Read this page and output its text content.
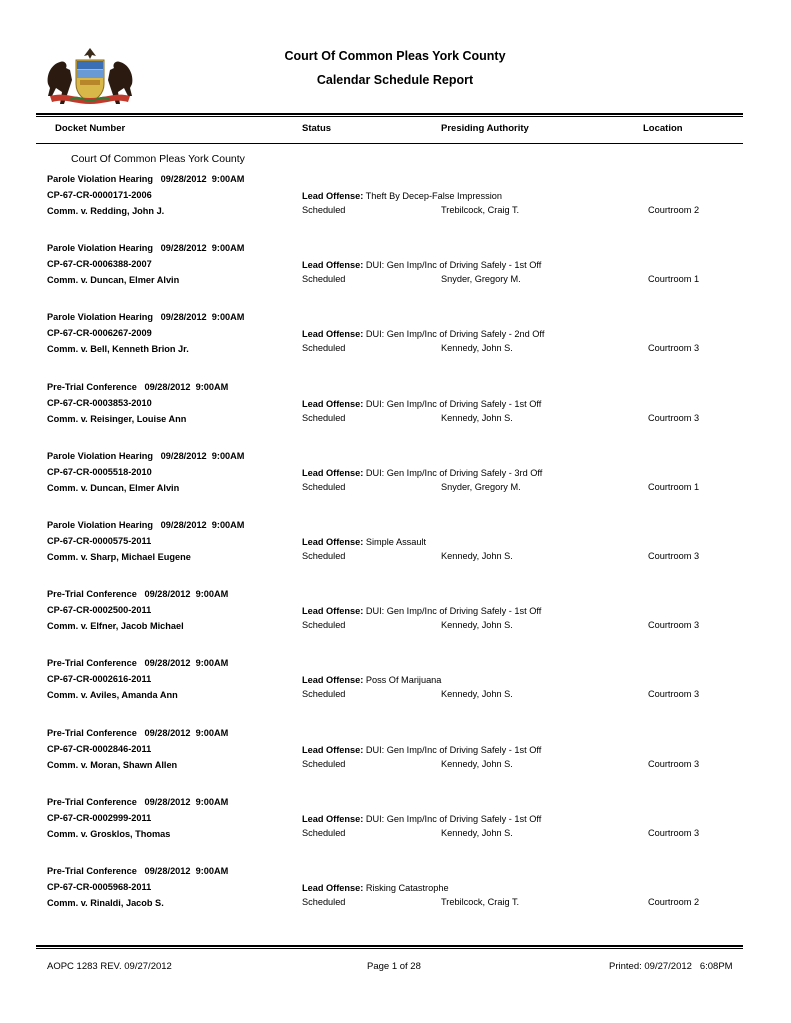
Court Of Common Pleas York County
Calendar Schedule Report
Docket Number	Status	Presiding Authority	Location
Court Of Common Pleas York County
Parole Violation Hearing   09/28/2012  9:00AM
CP-67-CR-0000171-2006
Comm. v. Redding, John J.
Lead Offense: Theft By Decep-False Impression
Scheduled	Trebilcock, Craig T.	Courtroom 2
Parole Violation Hearing   09/28/2012  9:00AM
CP-67-CR-0006388-2007
Comm. v. Duncan, Elmer Alvin
Lead Offense: DUI: Gen Imp/Inc of Driving Safely - 1st Off
Scheduled	Snyder, Gregory M.	Courtroom 1
Parole Violation Hearing   09/28/2012  9:00AM
CP-67-CR-0006267-2009
Comm. v. Bell, Kenneth Brion Jr.
Lead Offense: DUI: Gen Imp/Inc of Driving Safely - 2nd Off
Scheduled	Kennedy, John S.	Courtroom 3
Pre-Trial Conference   09/28/2012  9:00AM
CP-67-CR-0003853-2010
Comm. v. Reisinger, Louise Ann
Lead Offense: DUI: Gen Imp/Inc of Driving Safely - 1st Off
Scheduled	Kennedy, John S.	Courtroom 3
Parole Violation Hearing   09/28/2012  9:00AM
CP-67-CR-0005518-2010
Comm. v. Duncan, Elmer Alvin
Lead Offense: DUI: Gen Imp/Inc of Driving Safely - 3rd Off
Scheduled	Snyder, Gregory M.	Courtroom 1
Parole Violation Hearing   09/28/2012  9:00AM
CP-67-CR-0000575-2011
Comm. v. Sharp, Michael Eugene
Lead Offense: Simple Assault
Scheduled	Kennedy, John S.	Courtroom 3
Pre-Trial Conference   09/28/2012  9:00AM
CP-67-CR-0002500-2011
Comm. v. Elfner, Jacob Michael
Lead Offense: DUI: Gen Imp/Inc of Driving Safely - 1st Off
Scheduled	Kennedy, John S.	Courtroom 3
Pre-Trial Conference   09/28/2012  9:00AM
CP-67-CR-0002616-2011
Comm. v. Aviles, Amanda Ann
Lead Offense: Poss Of Marijuana
Scheduled	Kennedy, John S.	Courtroom 3
Pre-Trial Conference   09/28/2012  9:00AM
CP-67-CR-0002846-2011
Comm. v. Moran, Shawn Allen
Lead Offense: DUI: Gen Imp/Inc of Driving Safely - 1st Off
Scheduled	Kennedy, John S.	Courtroom 3
Pre-Trial Conference   09/28/2012  9:00AM
CP-67-CR-0002999-2011
Comm. v. Grosklos, Thomas
Lead Offense: DUI: Gen Imp/Inc of Driving Safely - 1st Off
Scheduled	Kennedy, John S.	Courtroom 3
Pre-Trial Conference   09/28/2012  9:00AM
CP-67-CR-0005968-2011
Comm. v. Rinaldi, Jacob S.
Lead Offense: Risking Catastrophe
Scheduled	Trebilcock, Craig T.	Courtroom 2
AOPC 1283 REV. 09/27/2012	Page 1 of 28	Printed: 09/27/2012   6:08PM
